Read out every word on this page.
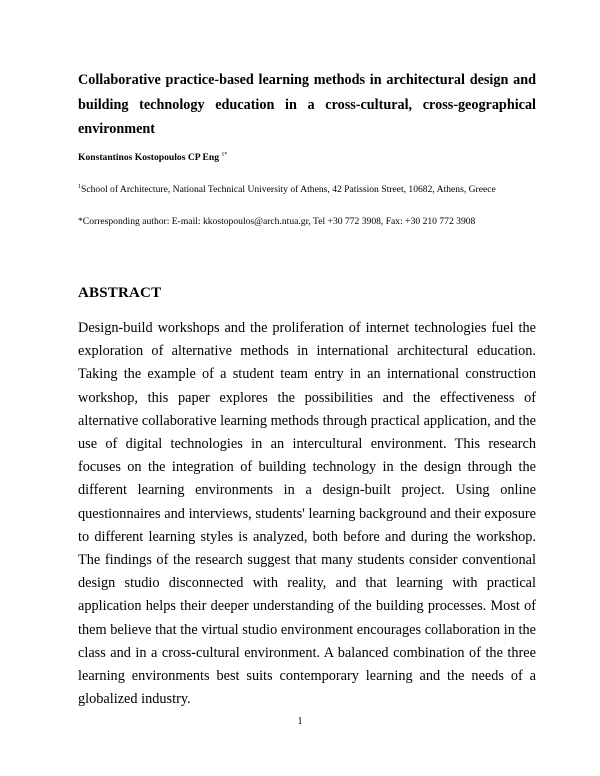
Collaborative practice-based learning methods in architectural design and building technology education in a cross-cultural, cross-geographical environment
Konstantinos Kostopoulos CP Eng $^{1*}$
$^1$School of Architecture, National Technical University of Athens, 42 Patission Street, 10682, Athens, Greece
*Corresponding author: E-mail: kkostopoulos@arch.ntua.gr, Tel +30 772 3908, Fax: +30 210 772 3908
ABSTRACT
Design-build workshops and the proliferation of internet technologies fuel the exploration of alternative methods in international architectural education. Taking the example of a student team entry in an international construction workshop, this paper explores the possibilities and the effectiveness of alternative collaborative learning methods through practical application, and the use of digital technologies in an intercultural environment. This research focuses on the integration of building technology in the design through the different learning environments in a design-built project. Using online questionnaires and interviews, students' learning background and their exposure to different learning styles is analyzed, both before and during the workshop. The findings of the research suggest that many students consider conventional design studio disconnected with reality, and that learning with practical application helps their deeper understanding of the building processes. Most of them believe that the virtual studio environment encourages collaboration in the class and in a cross-cultural environment. A balanced combination of the three learning environments best suits contemporary learning and the needs of a globalized industry.
1
